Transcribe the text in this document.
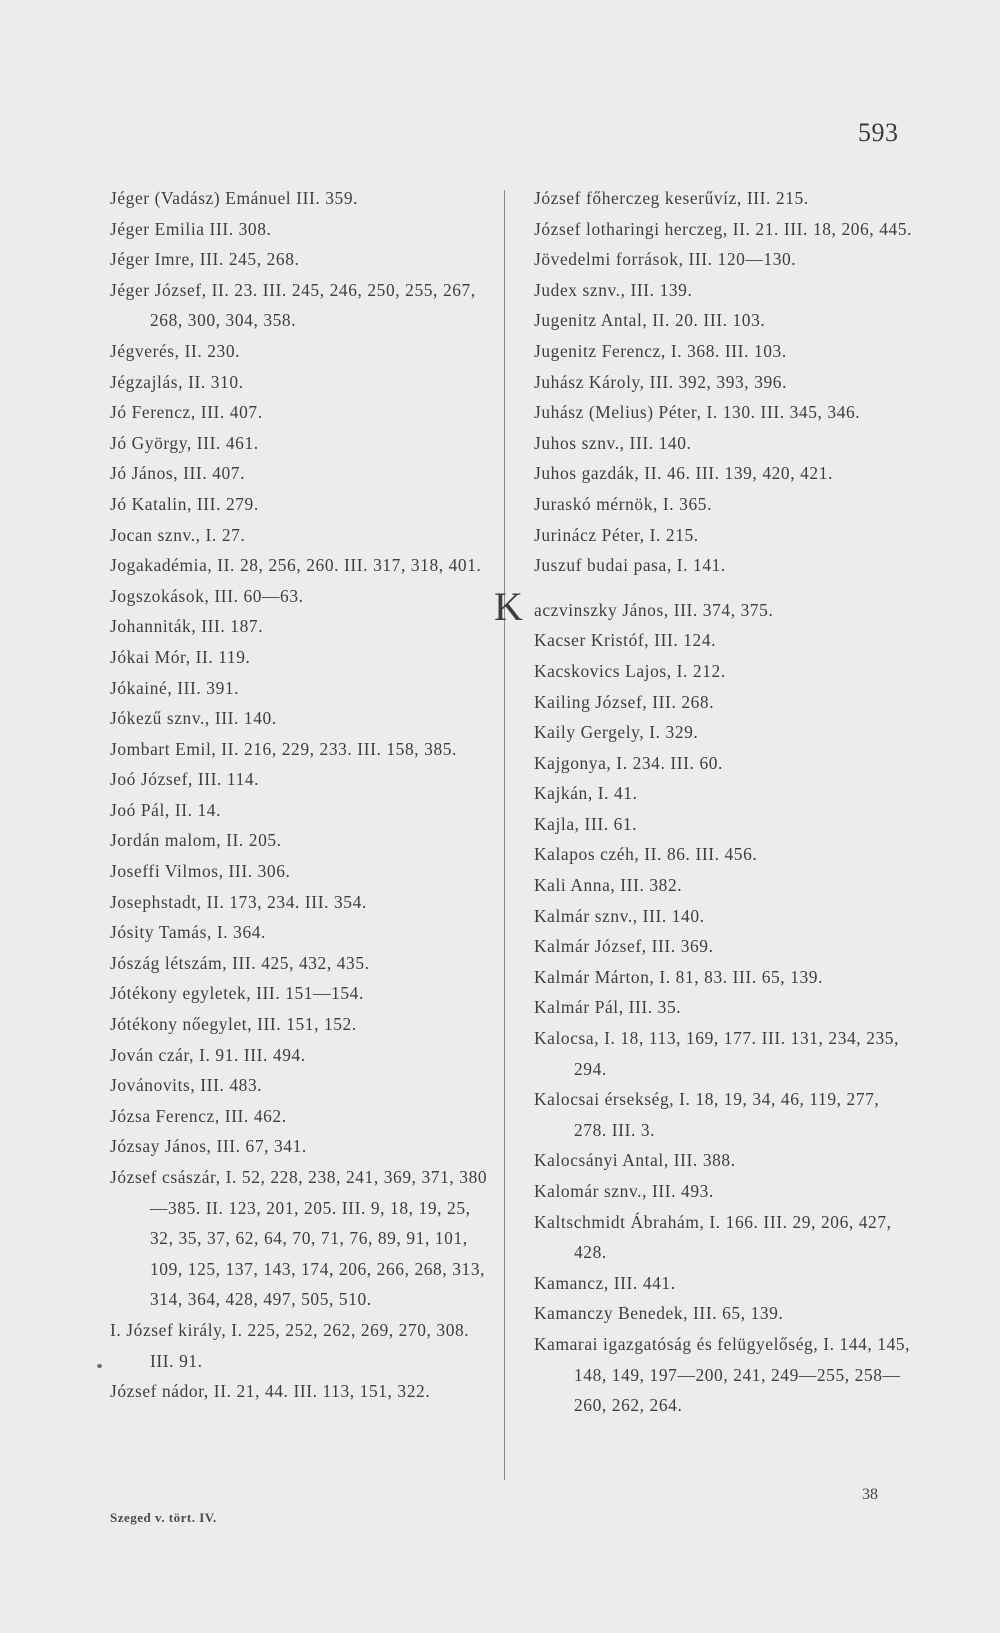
593

Jéger (Vadász) Emánuel III. 359.

Jéger Emilia III. 308.

Jéger Imre, III. 245, 268.

Jéger József, II. 23. III. 245, 246, 250, 255, 267, 268, 300, 304, 358.

Jégverés, II. 230.

Jégzajlás, II. 310.

Jó Ferencz, III. 407.

Jó György, III. 461.

Jó János, III. 407.

Jó Katalin, III. 279.

Jocan sznv., I. 27.

Jogakadémia, II. 28, 256, 260. III. 317, 318, 401.

Jogszokások, III. 60—63.

Johanniták, III. 187.

Jókai Mór, II. 119.

Jókainé, III. 391.

Jókezű sznv., III. 140.

Jombart Emil, II. 216, 229, 233. III. 158, 385.

Joó József, III. 114.

Joó Pál, II. 14.

Jordán malom, II. 205.

Joseffi Vilmos, III. 306.

Josephstadt, II. 173, 234. III. 354.

Jósity Tamás, I. 364.

Jószág létszám, III. 425, 432, 435.

Jótékony egyletek, III. 151—154.

Jótékony nőegylet, III. 151, 152.

Jován czár, I. 91. III. 494.

Jovánovits, III. 483.

Józsa Ferencz, III. 462.

Józsay János, III. 67, 341.

József császár, I. 52, 228, 238, 241, 369, 371, 380—385. II. 123, 201, 205. III. 9, 18, 19, 25, 32, 35, 37, 62, 64, 70, 71, 76, 89, 91, 101, 109, 125, 137, 143, 174, 206, 266, 268, 313, 314, 364, 428, 497, 505, 510.

I. József király, I. 225, 252, 262, 269, 270, 308. III. 91.

József nádor, II. 21, 44. III. 113, 151, 322.

József főherczeg keserűvíz, III. 215.

József lotharingi herczeg, II. 21. III. 18, 206, 445.

Jövedelmi források, III. 120—130.

Judex sznv., III. 139.

Jugenitz Antal, II. 20. III. 103.

Jugenitz Ferencz, I. 368. III. 103.

Juhász Károly, III. 392, 393, 396.

Juhász (Melius) Péter, I. 130. III. 345, 346.

Juhos sznv., III. 140.

Juhos gazdák, II. 46. III. 139, 420, 421.

Juraskó mérnök, I. 365.

Jurinácz Péter, I. 215.

Juszuf budai pasa, I. 141.

Kaczvinszky János, III. 374, 375.

Kacser Kristóf, III. 124.

Kacskovics Lajos, I. 212.

Kailing József, III. 268.

Kaily Gergely, I. 329.

Kajgonya, I. 234. III. 60.

Kajkán, I. 41.

Kajla, III. 61.

Kalapos czéh, II. 86. III. 456.

Kali Anna, III. 382.

Kalmár sznv., III. 140.

Kalmár József, III. 369.

Kalmár Márton, I. 81, 83. III. 65, 139.

Kalmár Pál, III. 35.

Kalocsa, I. 18, 113, 169, 177. III. 131, 234, 235, 294.

Kalocsai érsekség, I. 18, 19, 34, 46, 119, 277, 278. III. 3.

Kalocsányi Antal, III. 388.

Kalomár sznv., III. 493.

Kaltschmidt Ábrahám, I. 166. III. 29, 206, 427, 428.

Kamancz, III. 441.

Kamanczy Benedek, III. 65, 139.

Kamarai igazgatóság és felügyelőség, I. 144, 145, 148, 149, 197—200, 241, 249—255, 258—260, 262, 264.

Szeged v. tört. IV.
38
